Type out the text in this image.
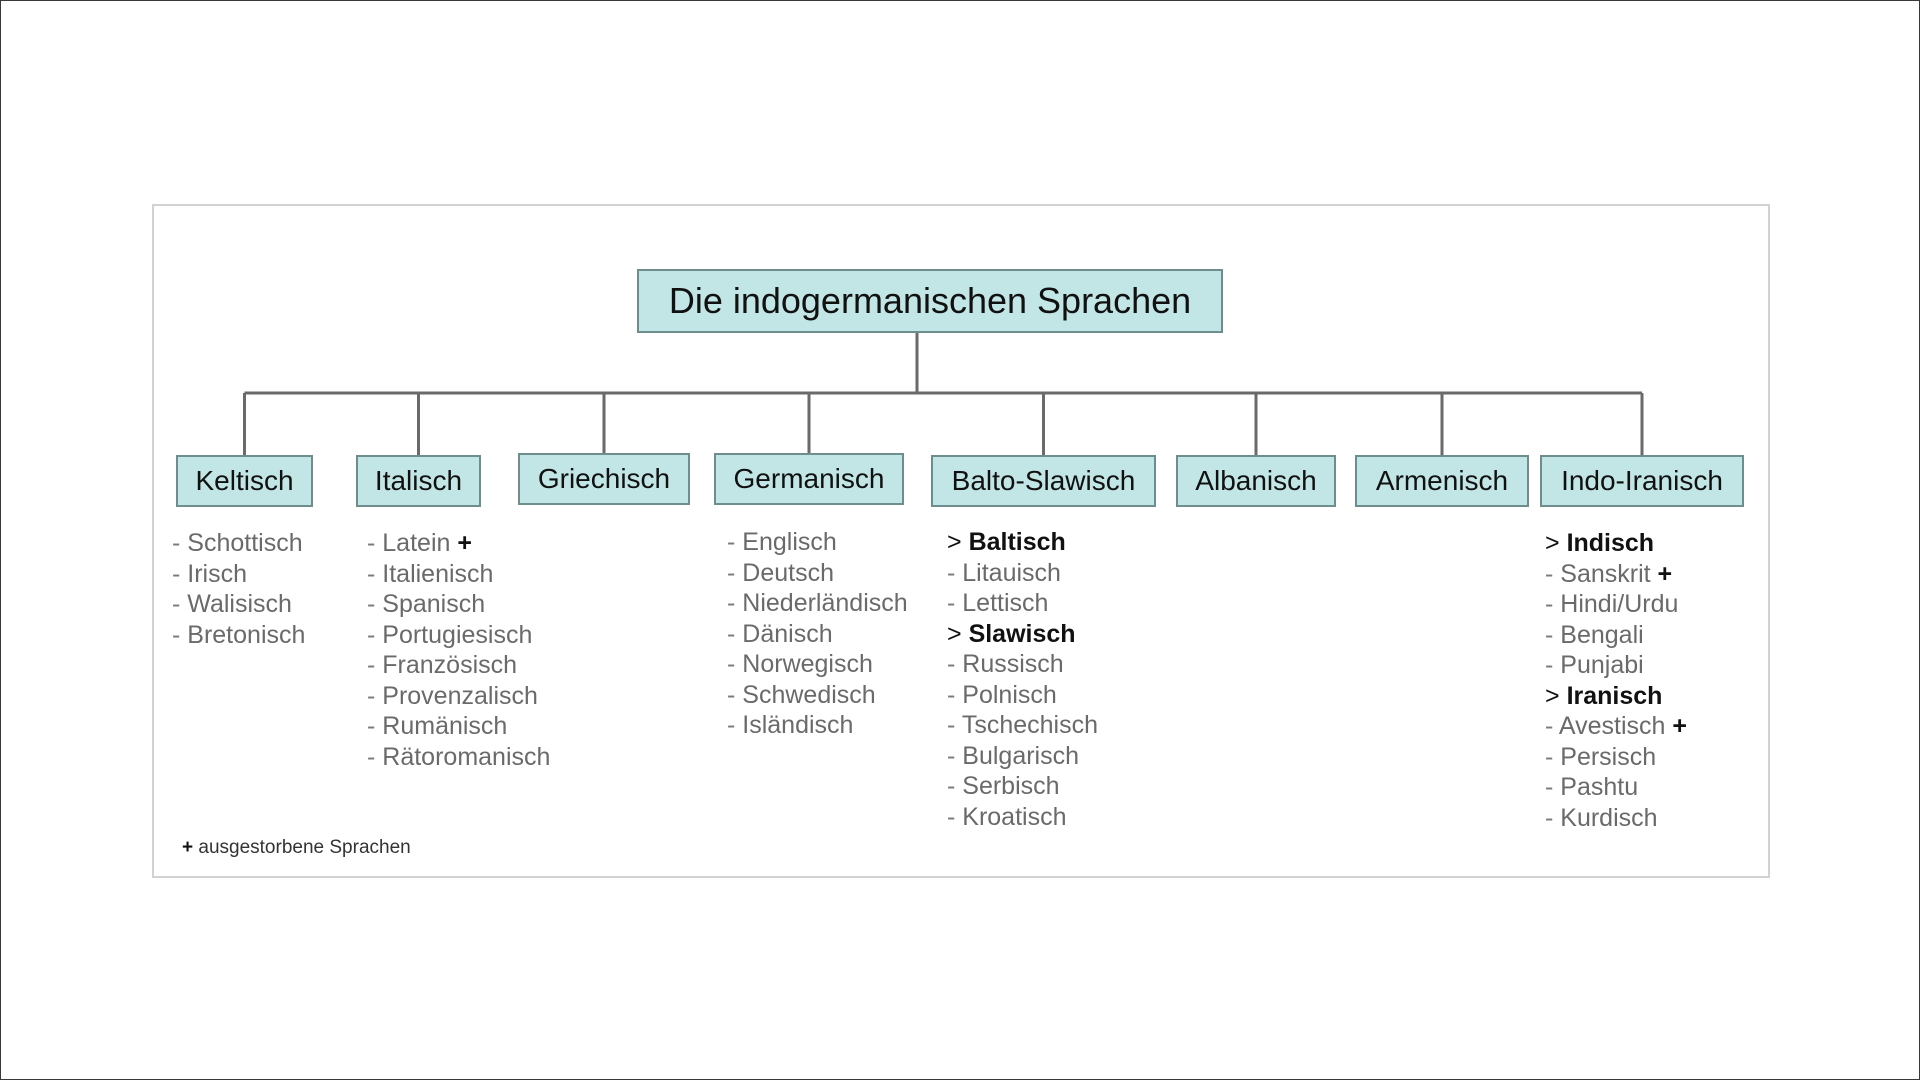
Die indogermanischen Sprachen
Keltisch
- Schottisch
- Irisch
- Walisisch
- Bretonisch
Italisch
- Latein +
- Italienisch
- Spanisch
- Portugiesisch
- Französisch
- Provenzalisch
- Rumänisch
- Rätoromanisch
Griechisch Germanisch
- Englisch
- Deutsch
- Niederländisch
- Dänisch
- Norwegisch
- Schwedisch
- Isländisch
Balto-Slawisch
> Baltisch
- Litauisch
- Lettisch
> Slawisch
- Russisch
- Polnisch
- Tschechisch
- Bulgarisch
- Serbisch
- Kroatisch
Albanisch Armenisch Indo-Iranisch
> Indisch
- Sanskrit +
- Hindi/Urdu
- Bengali
- Punjabi
> Iranisch
- Avestisch +
- Persisch
- Pashtu
- Kurdisch
+ ausgestorbene Sprachen
